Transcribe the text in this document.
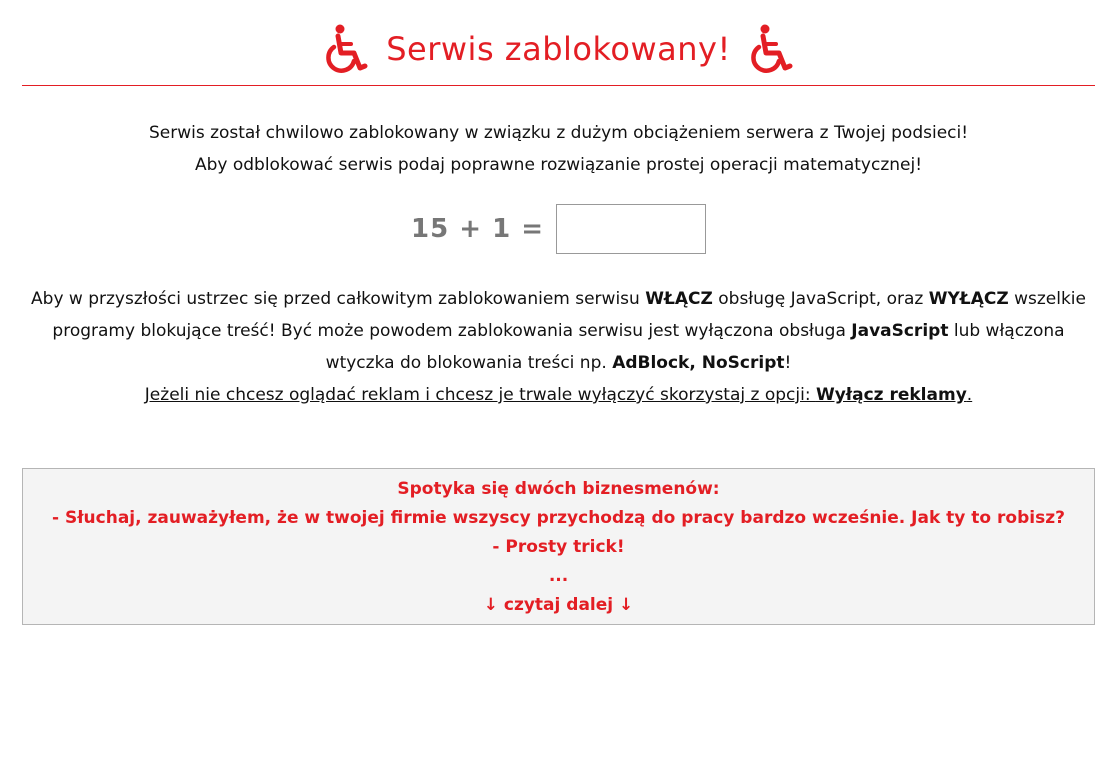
Serwis zablokowany!
Serwis został chwilowo zablokowany w związku z dużym obciążeniem serwera z Twojej podsieci!
Aby odblokować serwis podaj poprawne rozwiązanie prostej operacji matematycznej!
15 + 1 =
Aby w przyszłości ustrzec się przed całkowitym zablokowaniem serwisu WŁĄCZ obsługę JavaScript, oraz WYŁĄCZ wszelkie programy blokujące treść! Być może powodem zablokowania serwisu jest wyłączona obsługa JavaScript lub włączona wtyczka do blokowania treści np. AdBlock, NoScript!
Jeżeli nie chcesz oglądać reklam i chcesz je trwale wyłączyć skorzystaj z opcji: Wyłącz reklamy.
Spotyka się dwóch biznesmenów:
- Słuchaj, zauważyłem, że w twojej firmie wszyscy przychodzą do pracy bardzo wcześnie. Jak ty to robisz?
- Prosty trick!
...
↓ czytaj dalej ↓
